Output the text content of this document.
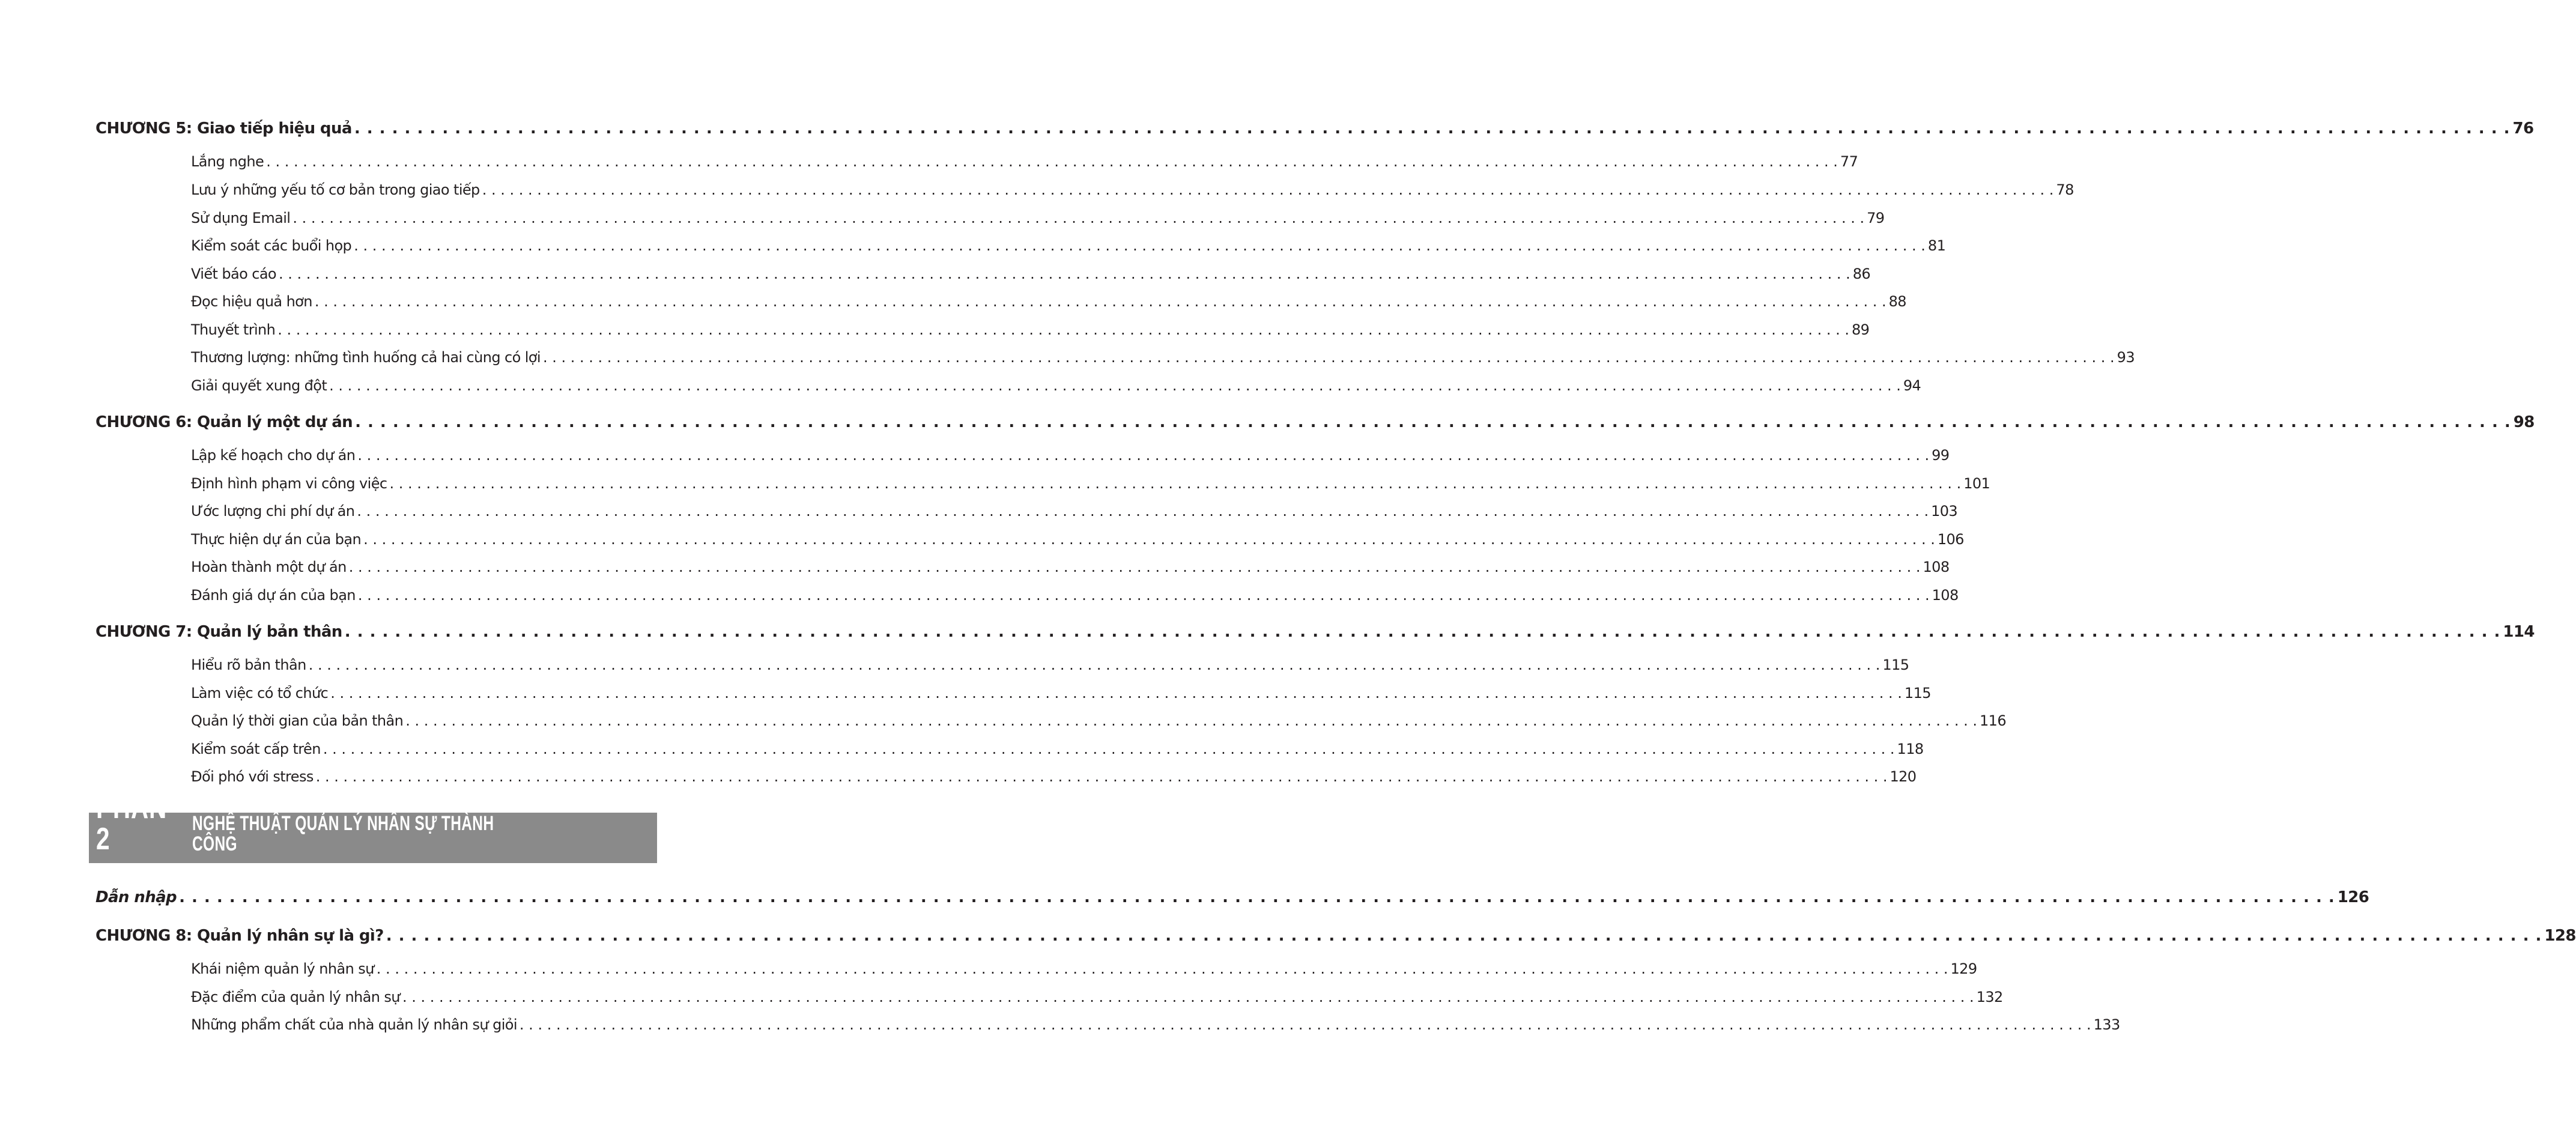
CHƯƠNG 5: Giao tiếp hiệu quả . . .	76
Lắng nghe . . .	77
Lưu ý những yếu tố cơ bản trong giao tiếp . . .	78
Sử dụng Email . . .	79
Kiểm soát các buổi họp . . .	81
Viết báo cáo . . .	86
Đọc hiệu quả hơn . . .	88
Thuyết trình . . .	89
Thương lượng: những tình huống cả hai cùng có lợi . . .	93
Giải quyết xung đột . . .	94
CHƯƠNG 6: Quản lý một dự án . . .	98
Lập kế hoạch cho dự án . . .	99
Định hình phạm vi công việc . . .	101
Ước lượng chi phí dự án . . .	103
Thực hiện dự án của bạn . . .	106
Hoàn thành một dự án . . .	108
Đánh giá dự án của bạn . . .	108
CHƯƠNG 7: Quản lý bản thân . . .	114
Hiểu rõ bản thân . . .	115
Làm việc có tổ chức . . .	115
Quản lý thời gian của bản thân . . .	116
Kiểm soát cấp trên . . .	118
Đối phó với stress . . .	120
PHẦN 2	NGHỆ THUẬT QUẢN LÝ NHÂN SỰ THÀNH CÔNG
Dẫn nhập . . .	126
CHƯƠNG 8: Quản lý nhân sự là gì? . . .	128
Khái niệm quản lý nhân sự . . .	129
Đặc điểm của quản lý nhân sự . . .	132
Những phẩm chất của nhà quản lý nhân sự giỏi . . .	133
